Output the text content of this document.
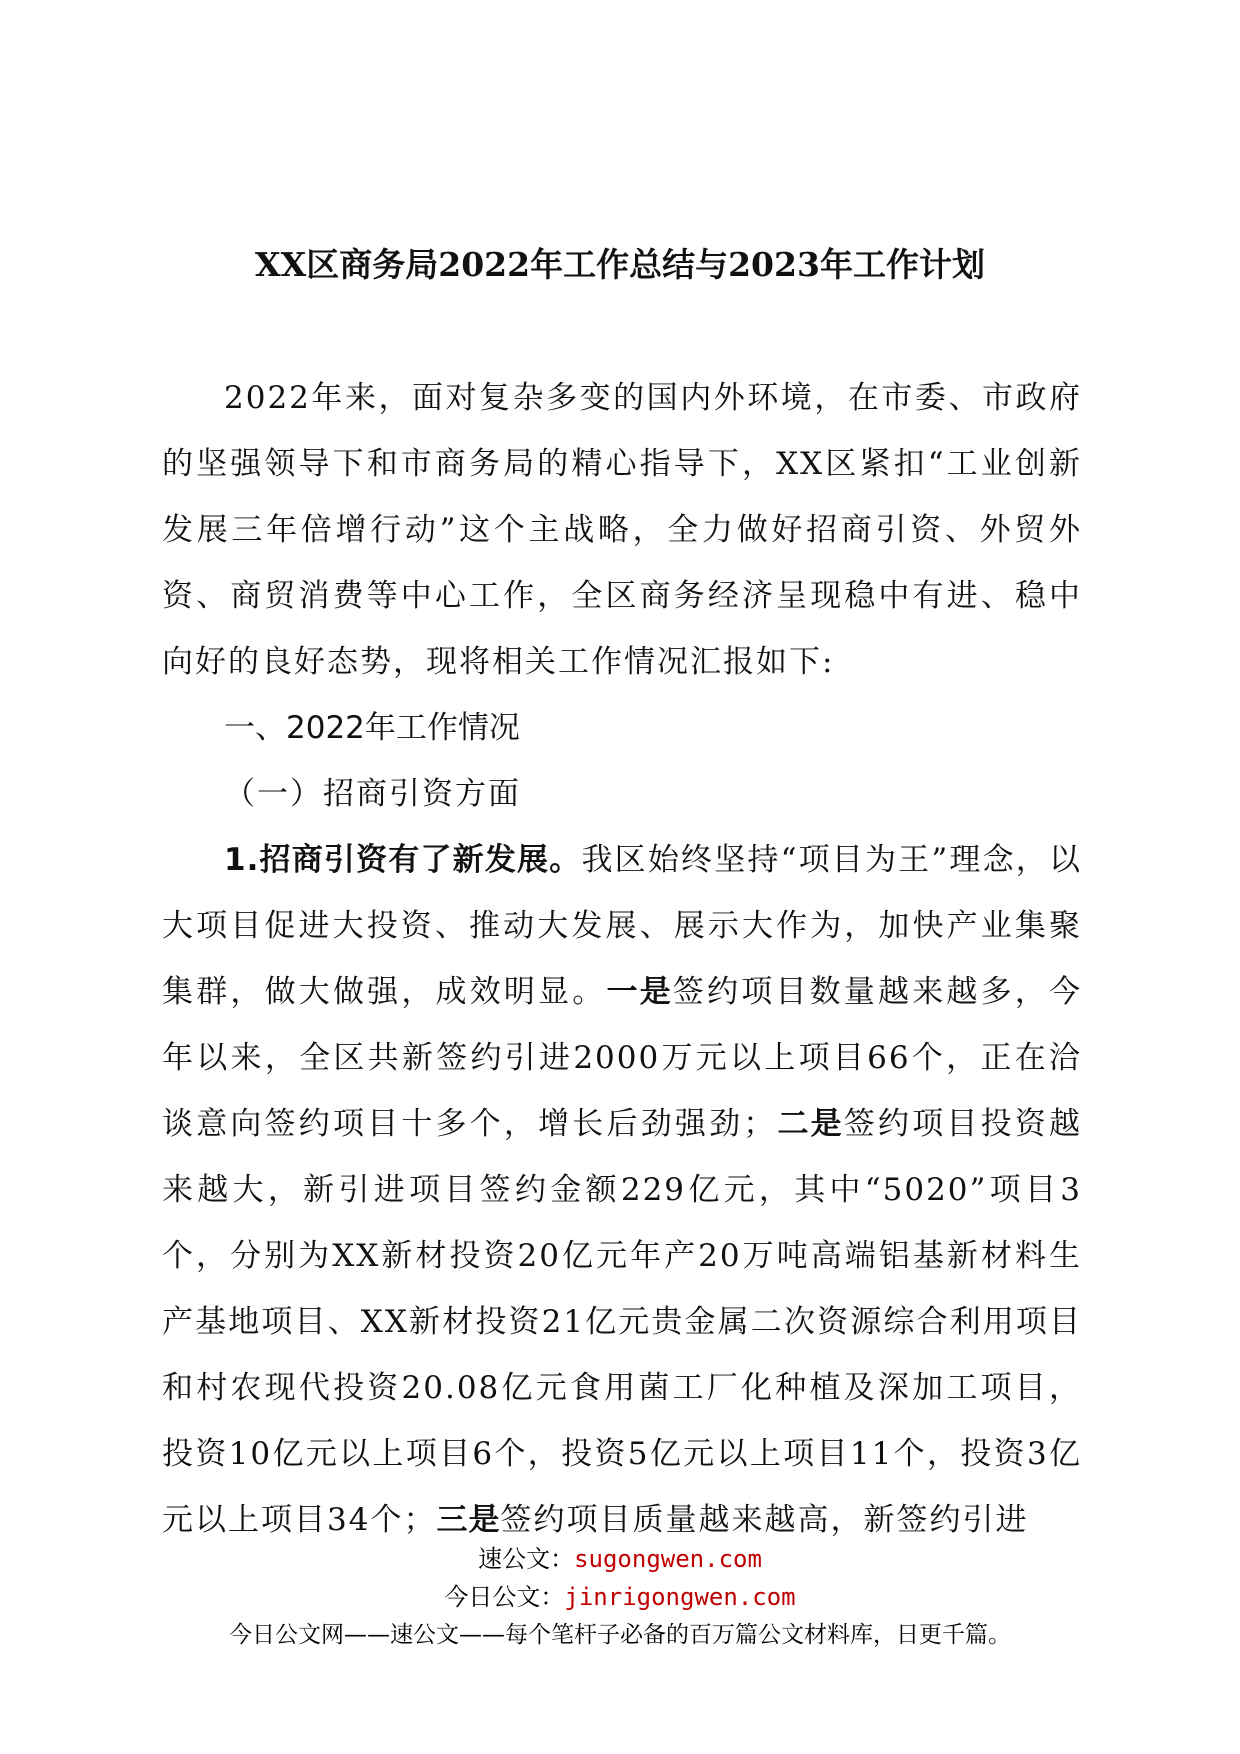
XX区商务局2022年工作总结与2023年工作计划

2022年来，面对复杂多变的国内外环境，在市委、市政府的坚强领导下和市商务局的精心指导下，XX区紧扣“工业创新发展三年倍增行动”这个主战略，全力做好招商引资、外贸外资、商贸消费等中心工作，全区商务经济呈现稳中有进、稳中向好的良好态势，现将相关工作情况汇报如下:

一、2022年工作情况

（一）招商引资方面

1.招商引资有了新发展。我区始终坚持“项目为王”理念，以大项目促进大投资、推动大发展、展示大作为，加快产业集聚集群，做大做强，成效明显。一是签约项目数量越来越多，今年以来，全区共新签约引进2000万元以上项目66个，正在洽谈意向签约项目十多个，增长后劲强劲；二是签约项目投资越来越大，新引进项目签约金额229亿元，其中“5020”项目3个，分别为XX新材投资20亿元年产20万吨高端铝基新材料生产基地项目、XX新材投资21亿元贵金属二次资源综合利用项目和村农现代投资20.08亿元食用菌工厂化种植及深加工项目，投资10亿元以上项目6个，投资5亿元以上项目11个，投资3亿元以上项目34个；三是签约项目质量越来越高，新签约引进

速公文：sugongwen.com
今日公文：jinrigongwen.com
今日公文网——速公文——每个笔杆子必备的百万篇公文材料库，日更千篇。
